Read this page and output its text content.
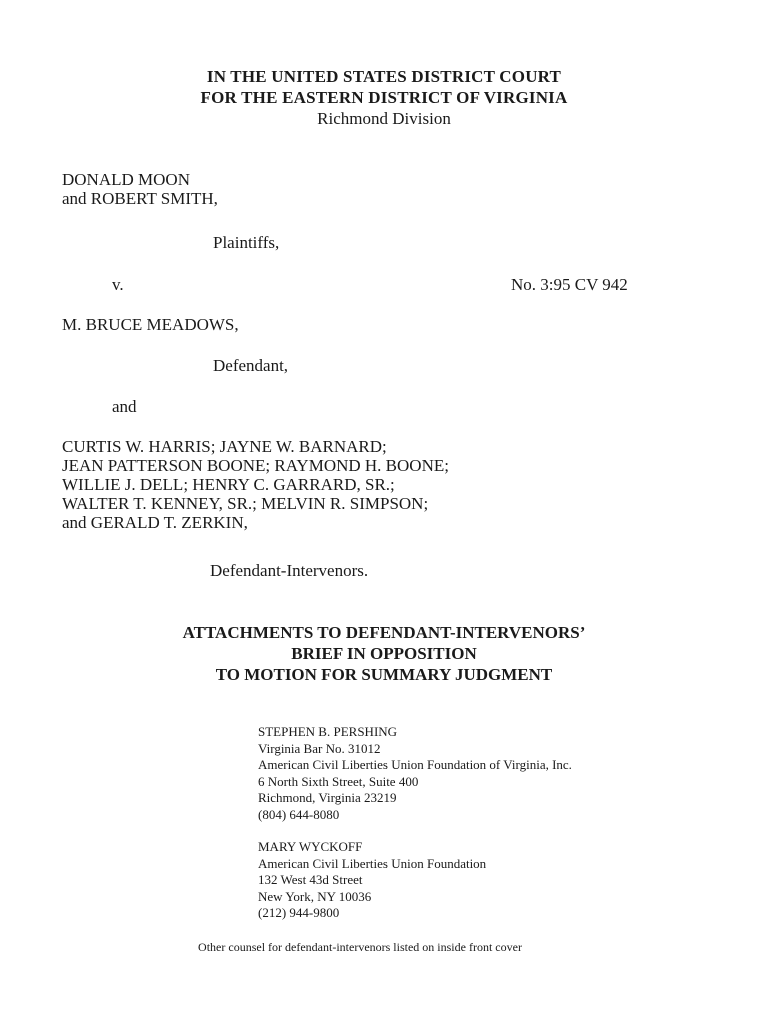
IN THE UNITED STATES DISTRICT COURT
FOR THE EASTERN DISTRICT OF VIRGINIA
Richmond Division
DONALD MOON
and ROBERT SMITH,
Plaintiffs,
v.	No. 3:95 CV 942
M. BRUCE MEADOWS,
Defendant,
and
CURTIS W. HARRIS; JAYNE W. BARNARD;
JEAN PATTERSON BOONE; RAYMOND H. BOONE;
WILLIE J. DELL; HENRY C. GARRARD, SR.;
WALTER T. KENNEY, SR.; MELVIN R. SIMPSON;
and GERALD T. ZERKIN,
Defendant-Intervenors.
ATTACHMENTS TO DEFENDANT-INTERVENORS’
BRIEF IN OPPOSITION
TO MOTION FOR SUMMARY JUDGMENT
STEPHEN B. PERSHING
Virginia Bar No. 31012
American Civil Liberties Union Foundation of Virginia, Inc.
6 North Sixth Street, Suite 400
Richmond, Virginia 23219
(804) 644-8080
MARY WYCKOFF
American Civil Liberties Union Foundation
132 West 43d Street
New York, NY 10036
(212) 944-9800
Other counsel for defendant-intervenors listed on inside front cover
